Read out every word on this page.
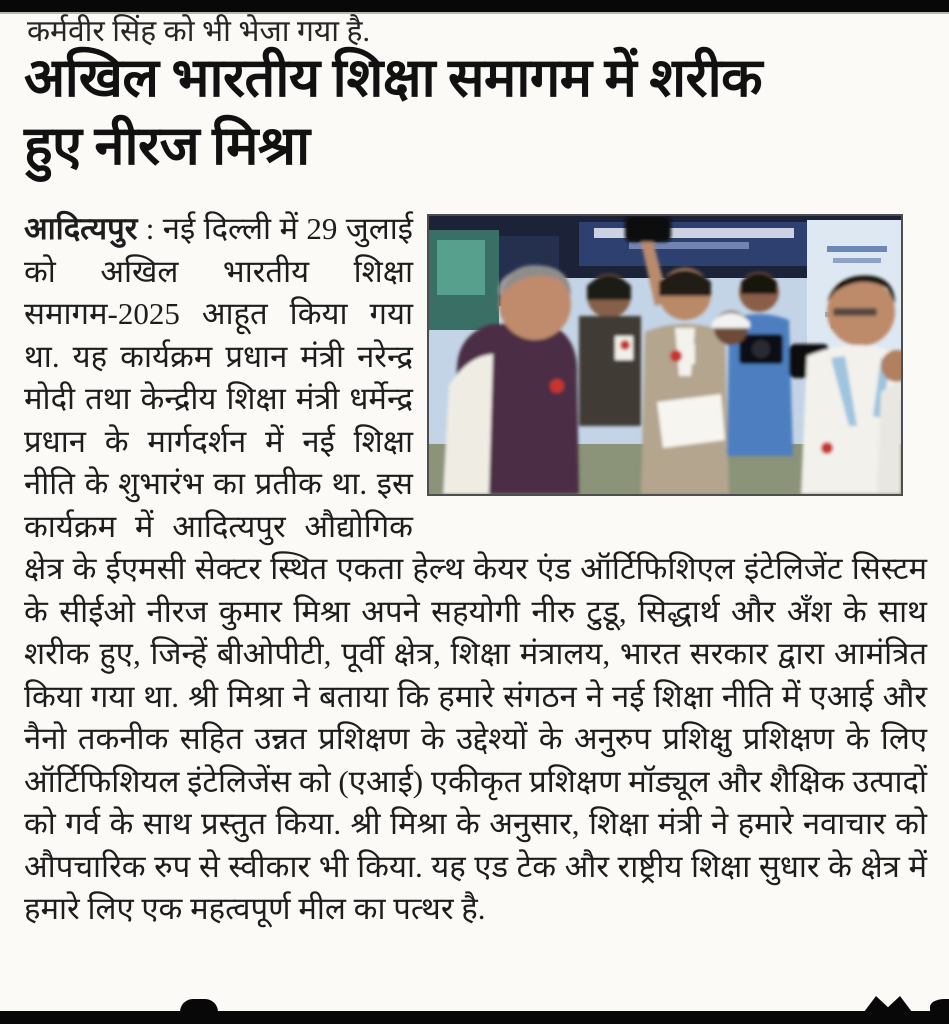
कर्मवीर सिंह को भी भेजा गया है.
अखिल भारतीय शिक्षा समागम में शरीक
हुए नीरज मिश्रा

आदित्यपुर : नई दिल्ली में 29 जुलाई को अखिल भारतीय शिक्षा समागम-2025 आहूत किया गया था. यह कार्यक्रम प्रधान मंत्री नरेन्द्र मोदी तथा केन्द्रीय शिक्षा मंत्री धर्मेन्द्र प्रधान के मार्गदर्शन में नई शिक्षा नीति के शुभारंभ का प्रतीक था. इस कार्यक्रम में आदित्यपुर औद्योगिक क्षेत्र के ईएमसी सेक्टर स्थित एकता हेल्थ केयर एंड ऑर्टिफिशिएल इंटेलिजेंट सिस्टम के सीईओ नीरज कुमार मिश्रा अपने सहयोगी नीरु टुडू, सिद्धार्थ और अँश के साथ शरीक हुए, जिन्हें बीओपीटी, पूर्वी क्षेत्र, शिक्षा मंत्रालय, भारत सरकार द्वारा आमंत्रित किया गया था. श्री मिश्रा ने बताया कि हमारे संगठन ने नई शिक्षा नीति में एआई और नैनो तकनीक सहित उन्नत प्रशिक्षण के उद्देश्यों के अनुरुप प्रशिक्षु प्रशिक्षण के लिए ऑर्टिफिशियल इंटेलिजेंस को (एआई) एकीकृत प्रशिक्षण मॉड्यूल और शैक्षिक उत्पादों को गर्व के साथ प्रस्तुत किया. श्री मिश्रा के अनुसार, शिक्षा मंत्री ने हमारे नवाचार को औपचारिक रुप से स्वीकार भी किया. यह एड टेक और राष्ट्रीय शिक्षा सुधार के क्षेत्र में हमारे लिए एक महत्वपूर्ण मील का पत्थर है.
